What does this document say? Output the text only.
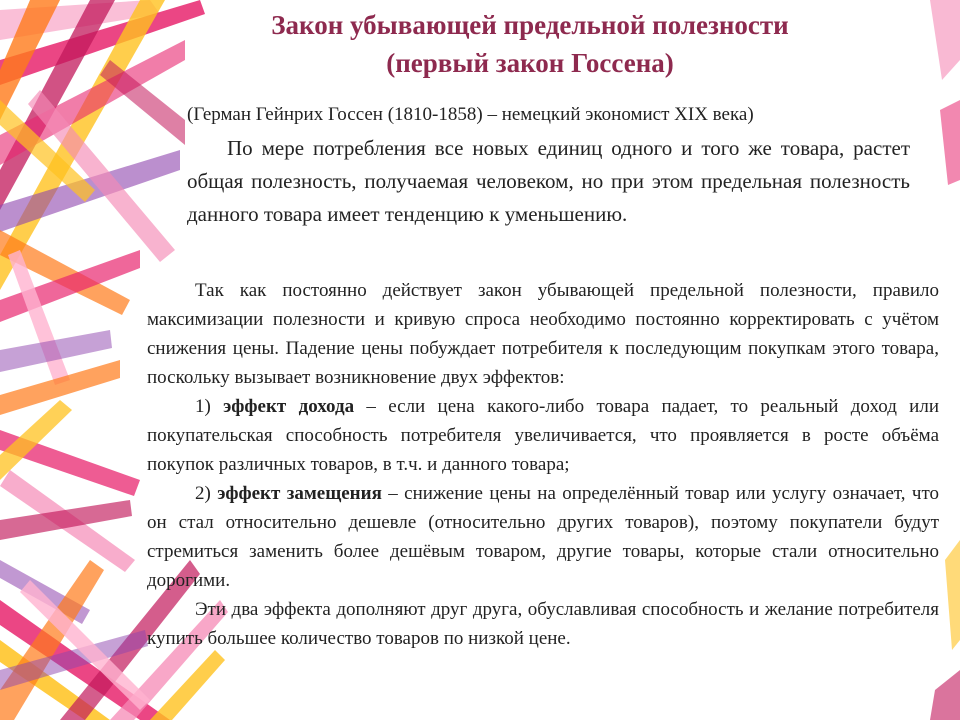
Закон убывающей предельной полезности
(первый закон Госсена)

(Герман Гейнрих Госсен (1810-1858) – немецкий экономист XIX века)

По мере потребления все новых единиц одного и того же товара, растет общая полезность, получаемая человеком, но при этом предельная полезность данного товара имеет тенденцию к уменьшению.

Так как постоянно действует закон убывающей предельной полезности, правило максимизации полезности и кривую спроса необходимо постоянно корректировать с учётом снижения цены. Падение цены побуждает потребителя к последующим покупкам этого товара, поскольку вызывает возникновение двух эффектов:

1) эффект дохода – если цена какого-либо товара падает, то реальный доход или покупательская способность потребителя увеличивается, что проявляется в росте объёма покупок различных товаров, в т.ч. и данного товара;

2) эффект замещения – снижение цены на определённый товар или услугу означает, что он стал относительно дешевле (относительно других товаров), поэтому покупатели будут стремиться заменить более дешёвым товаром, другие товары, которые стали относительно дорогими.

Эти два эффекта дополняют друг друга, обуславливая способность и желание потребителя купить большее количество товаров по низкой цене.
